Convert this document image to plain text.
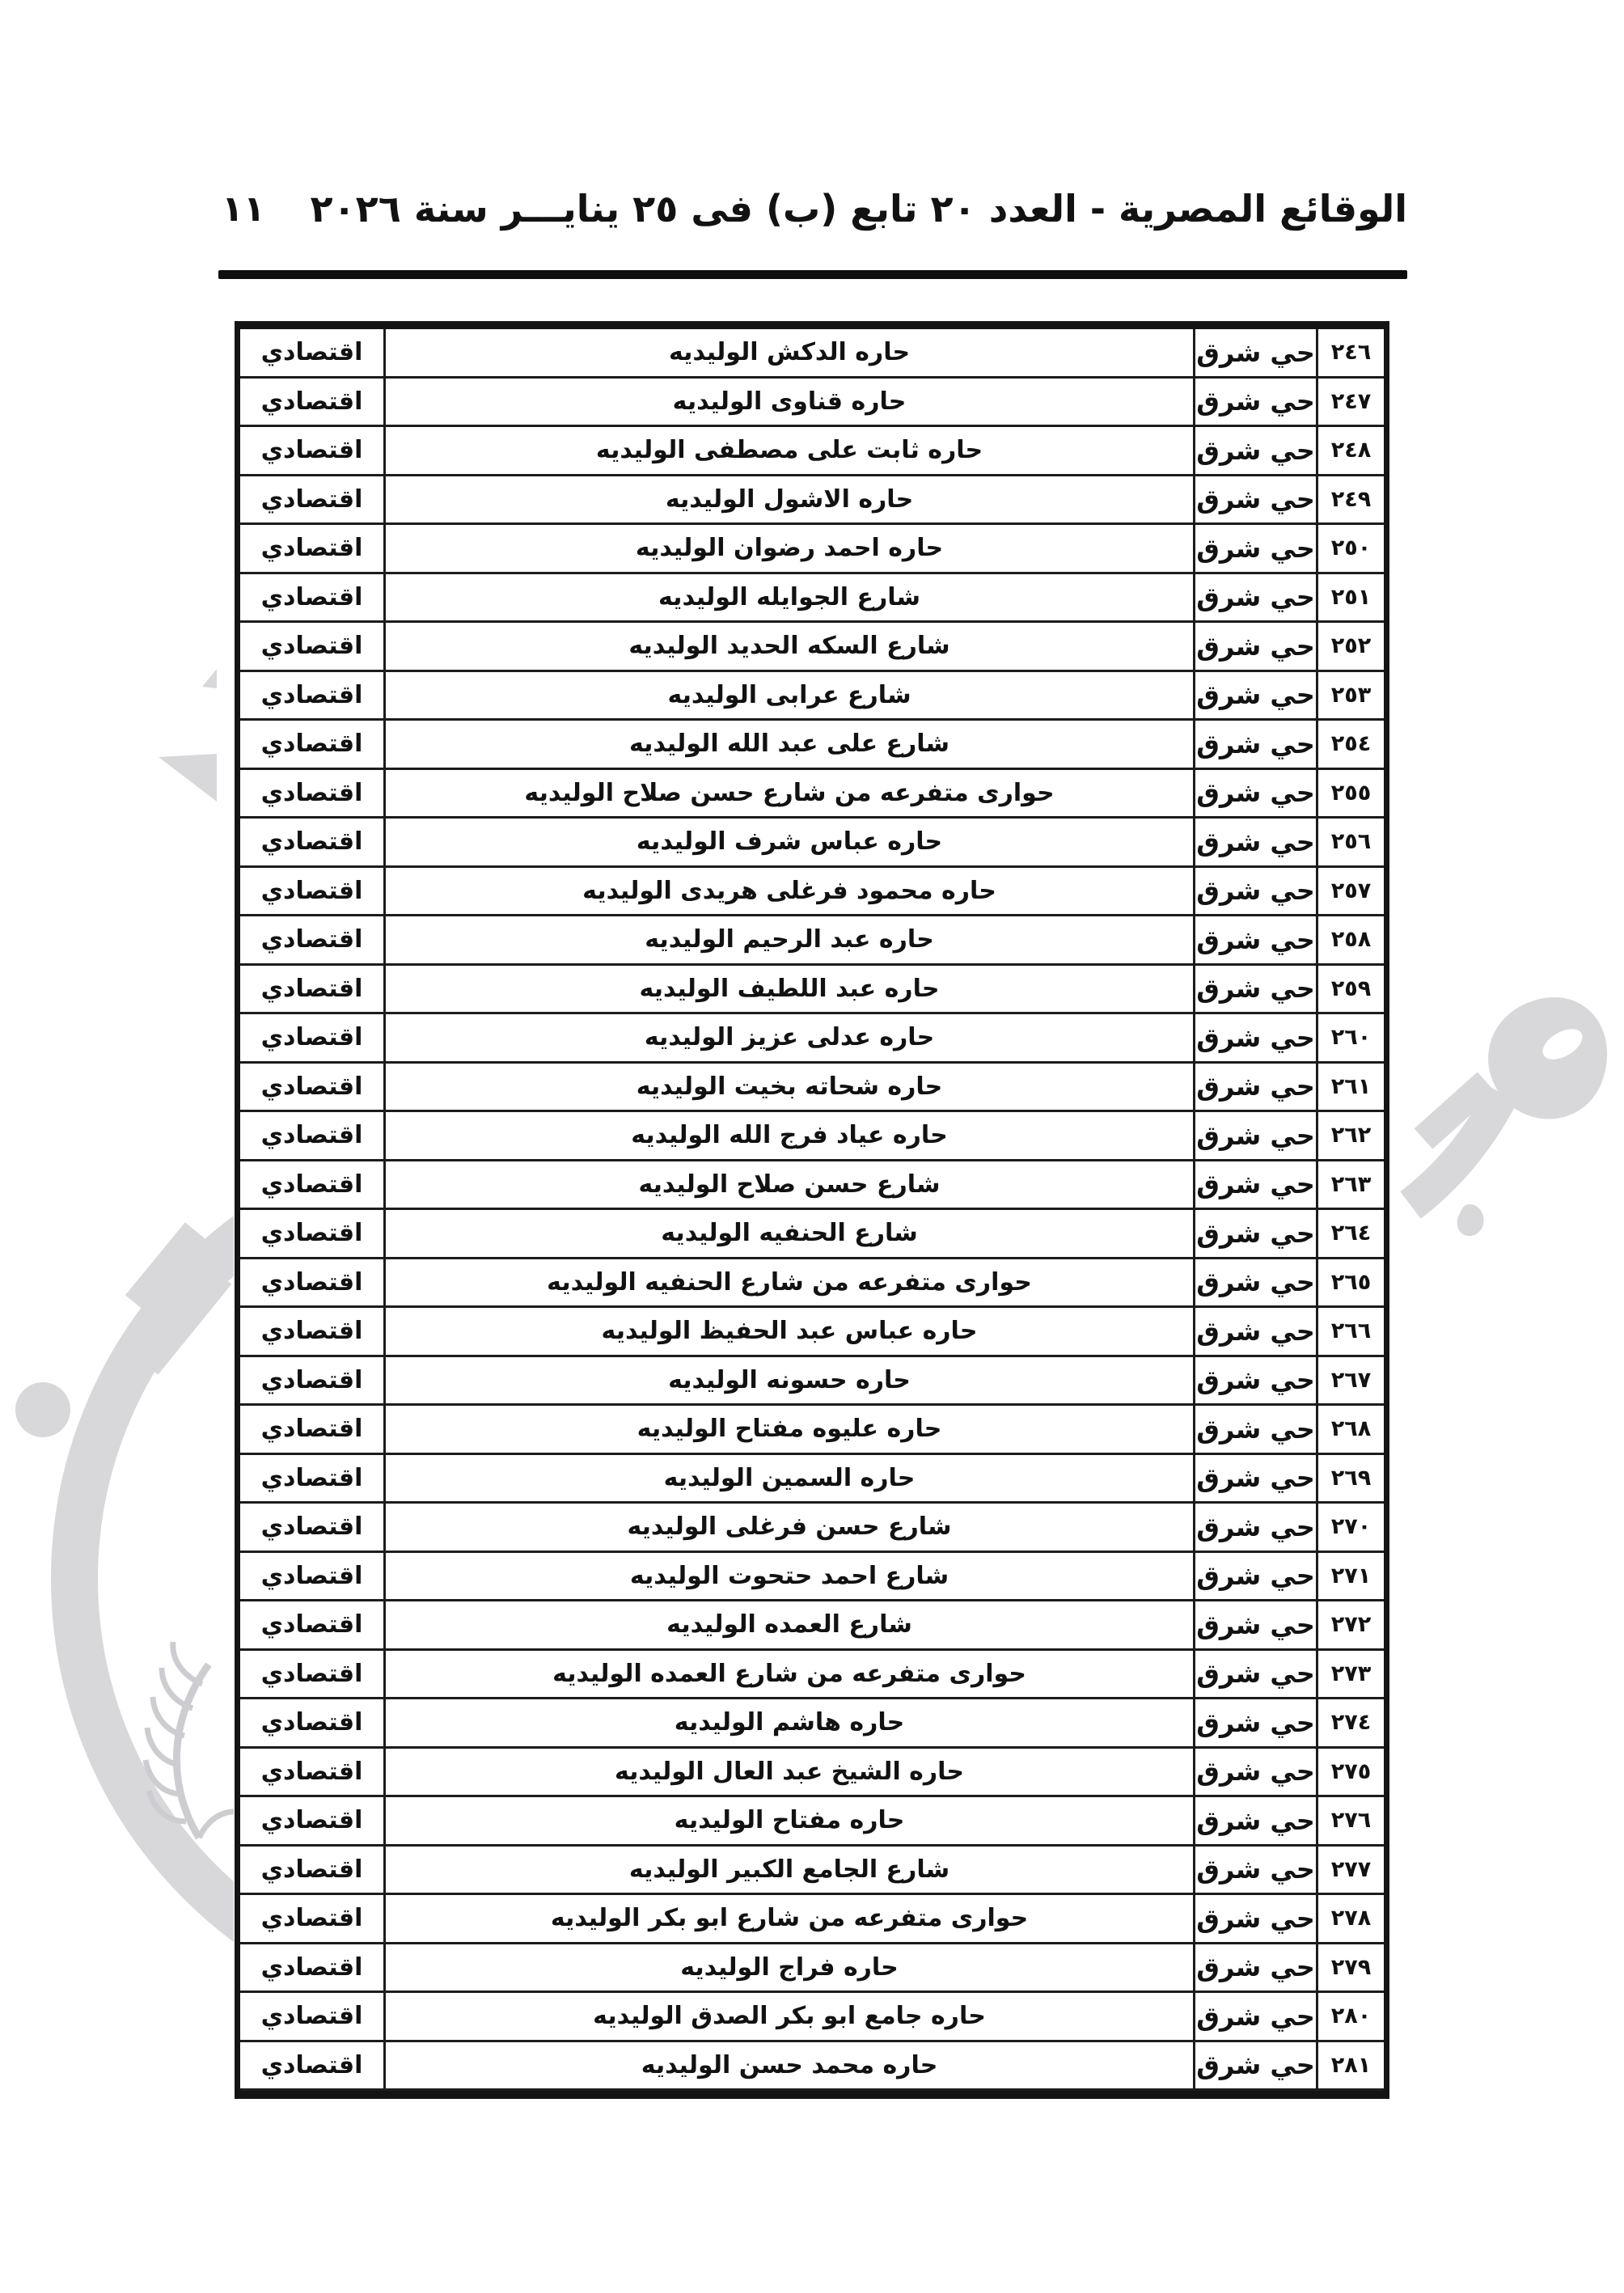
الوقائع المصرية - العدد ٢٠ تابع (ب) فى ٢٥ ينايـــر سنة ٢٠٢٦
١١
٢٤٦
حي شرق
حاره الدكش الوليديه
اقتصادي
٢٤٧
حي شرق
حاره قناوى الوليديه
اقتصادي
٢٤٨
حي شرق
حاره ثابت على مصطفى الوليديه
اقتصادي
٢٤٩
حي شرق
حاره الاشول الوليديه
اقتصادي
٢٥٠
حي شرق
حاره احمد رضوان الوليديه
اقتصادي
٢٥١
حي شرق
شارع الجوايله الوليديه
اقتصادي
٢٥٢
حي شرق
شارع السكه الحديد الوليديه
اقتصادي
٢٥٣
حي شرق
شارع عرابى الوليديه
اقتصادي
٢٥٤
حي شرق
شارع على عبد الله الوليديه
اقتصادي
٢٥٥
حي شرق
حوارى متفرعه من شارع حسن صلاح الوليديه
اقتصادي
٢٥٦
حي شرق
حاره عباس شرف الوليديه
اقتصادي
٢٥٧
حي شرق
حاره محمود فرغلى هريدى الوليديه
اقتصادي
٢٥٨
حي شرق
حاره عبد الرحيم الوليديه
اقتصادي
٢٥٩
حي شرق
حاره عبد اللطيف الوليديه
اقتصادي
٢٦٠
حي شرق
حاره عدلى عزيز الوليديه
اقتصادي
٢٦١
حي شرق
حاره شحاته بخيت الوليديه
اقتصادي
٢٦٢
حي شرق
حاره عياد فرج الله الوليديه
اقتصادي
٢٦٣
حي شرق
شارع حسن صلاح الوليديه
اقتصادي
٢٦٤
حي شرق
شارع الحنفيه الوليديه
اقتصادي
٢٦٥
حي شرق
حوارى متفرعه من شارع الحنفيه الوليديه
اقتصادي
٢٦٦
حي شرق
حاره عباس عبد الحفيظ الوليديه
اقتصادي
٢٦٧
حي شرق
حاره حسونه الوليديه
اقتصادي
٢٦٨
حي شرق
حاره عليوه مفتاح الوليديه
اقتصادي
٢٦٩
حي شرق
حاره السمين الوليديه
اقتصادي
٢٧٠
حي شرق
شارع حسن فرغلى الوليديه
اقتصادي
٢٧١
حي شرق
شارع احمد حتحوت الوليديه
اقتصادي
٢٧٢
حي شرق
شارع العمده الوليديه
اقتصادي
٢٧٣
حي شرق
حوارى متفرعه من شارع العمده الوليديه
اقتصادي
٢٧٤
حي شرق
حاره هاشم الوليديه
اقتصادي
٢٧٥
حي شرق
حاره الشيخ عبد العال الوليديه
اقتصادي
٢٧٦
حي شرق
حاره مفتاح الوليديه
اقتصادي
٢٧٧
حي شرق
شارع الجامع الكبير الوليديه
اقتصادي
٢٧٨
حي شرق
حوارى متفرعه من شارع ابو بكر الوليديه
اقتصادي
٢٧٩
حي شرق
حاره فراج الوليديه
اقتصادي
٢٨٠
حي شرق
حاره جامع ابو بكر الصدق الوليديه
اقتصادي
٢٨١
حي شرق
حاره محمد حسن الوليديه
اقتصادي
